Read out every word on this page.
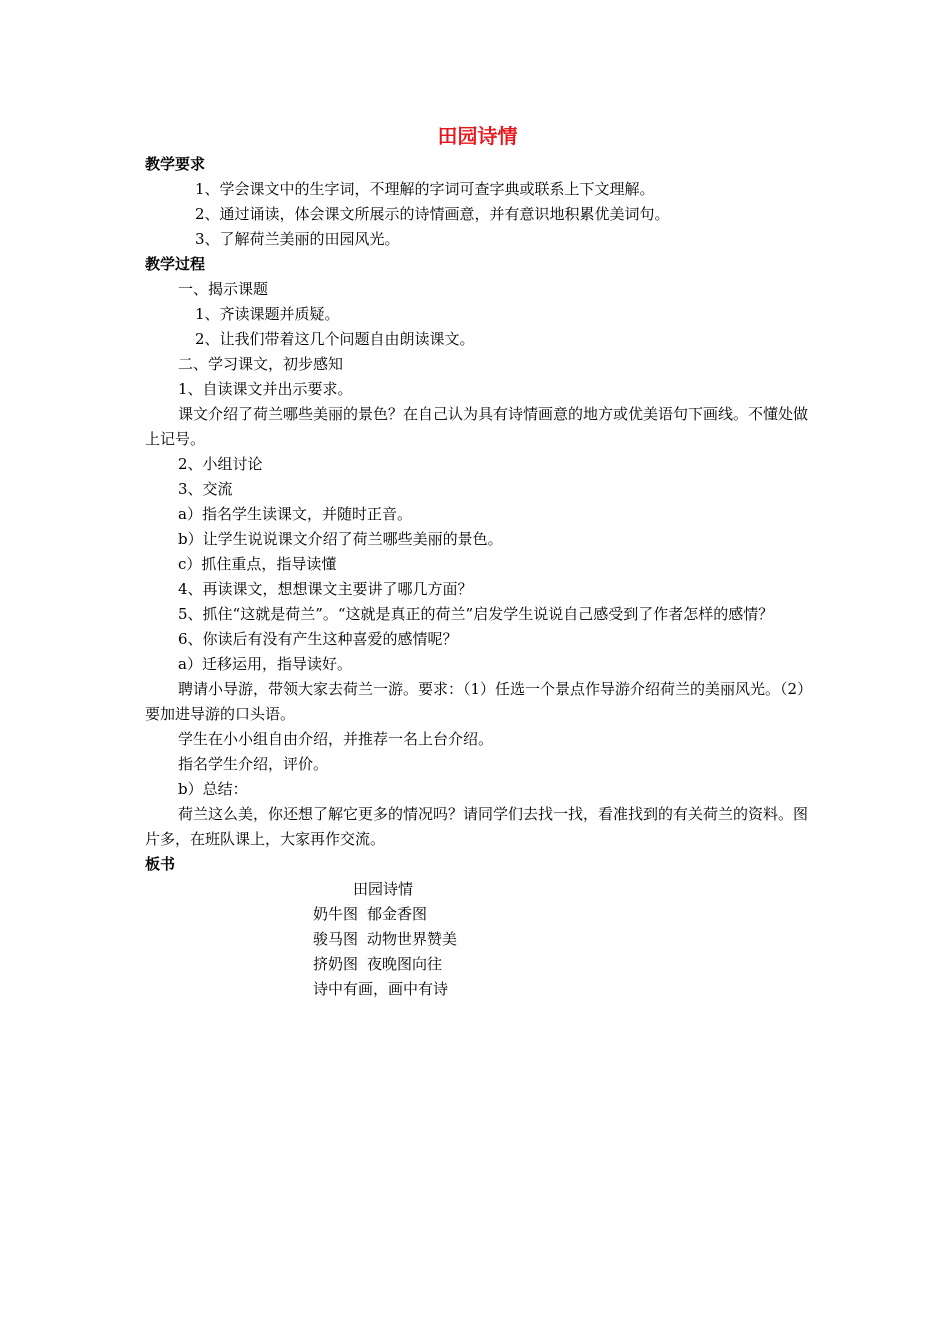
田园诗情
教学要求
1、学会课文中的生字词，不理解的字词可查字典或联系上下文理解。
2、通过诵读，体会课文所展示的诗情画意，并有意识地积累优美词句。
3、了解荷兰美丽的田园风光。
教学过程
一、揭示课题
1、齐读课题并质疑。
2、让我们带着这几个问题自由朗读课文。
二、学习课文，初步感知
1、自读课文并出示要求。
课文介绍了荷兰哪些美丽的景色？在自己认为具有诗情画意的地方或优美语句下画线。不懂处做上记号。
2、小组讨论
3、交流
a）指名学生读课文，并随时正音。
b）让学生说说课文介绍了荷兰哪些美丽的景色。
c）抓住重点，指导读懂
4、再读课文，想想课文主要讲了哪几方面？
5、抓住“这就是荷兰”。“这就是真正的荷兰”启发学生说说自己感受到了作者怎样的感情？
6、你读后有没有产生这种喜爱的感情呢？
a）迁移运用，指导读好。
聘请小导游，带领大家去荷兰一游。要求：（1）任选一个景点作导游介绍荷兰的美丽风光。（2）要加进导游的口头语。
学生在小小组自由介绍，并推荐一名上台介绍。
指名学生介绍，评价。
b）总结：
荷兰这么美，你还想了解它更多的情况吗？请同学们去找一找，看准找到的有关荷兰的资料。图片多，在班队课上，大家再作交流。
板书
田园诗情
奶牛图 郁金香图
骏马图 动物世界赞美
挤奶图 夜晚图向往
诗中有画，画中有诗
